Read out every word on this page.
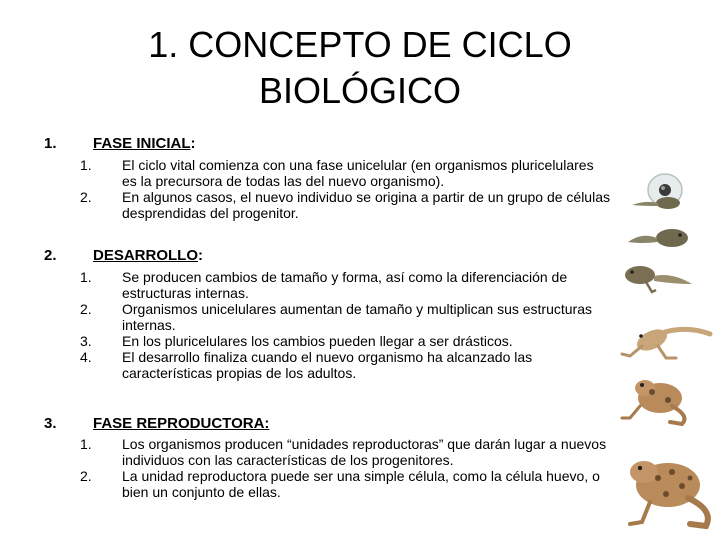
1. CONCEPTO DE CICLO
BIOLÓGICO
1. FASE INICIAL:
1.	El ciclo vital comienza con una fase unicelular (en organismos pluricelulares es la precursora de todas las del nuevo organismo).
2.	En algunos casos, el nuevo individuo se origina a partir de un grupo de células desprendidas del progenitor.
2. DESARROLLO:
1.	Se producen cambios de tamaño y forma, así como la diferenciación de estructuras internas.
2.	Organismos unicelulares aumentan de tamaño y multiplican sus estructuras internas.
3.	En los pluricelulares los cambios pueden llegar a ser drásticos.
4.	El desarrollo finaliza cuando el nuevo organismo ha alcanzado las características propias de los adultos.
3. FASE REPRODUCTORA:
1.	Los organismos producen “unidades reproductoras” que darán lugar a nuevos individuos con las características de los progenitores.
2.	La unidad reproductora puede ser una simple célula, como la célula huevo, o bien un conjunto de ellas.
